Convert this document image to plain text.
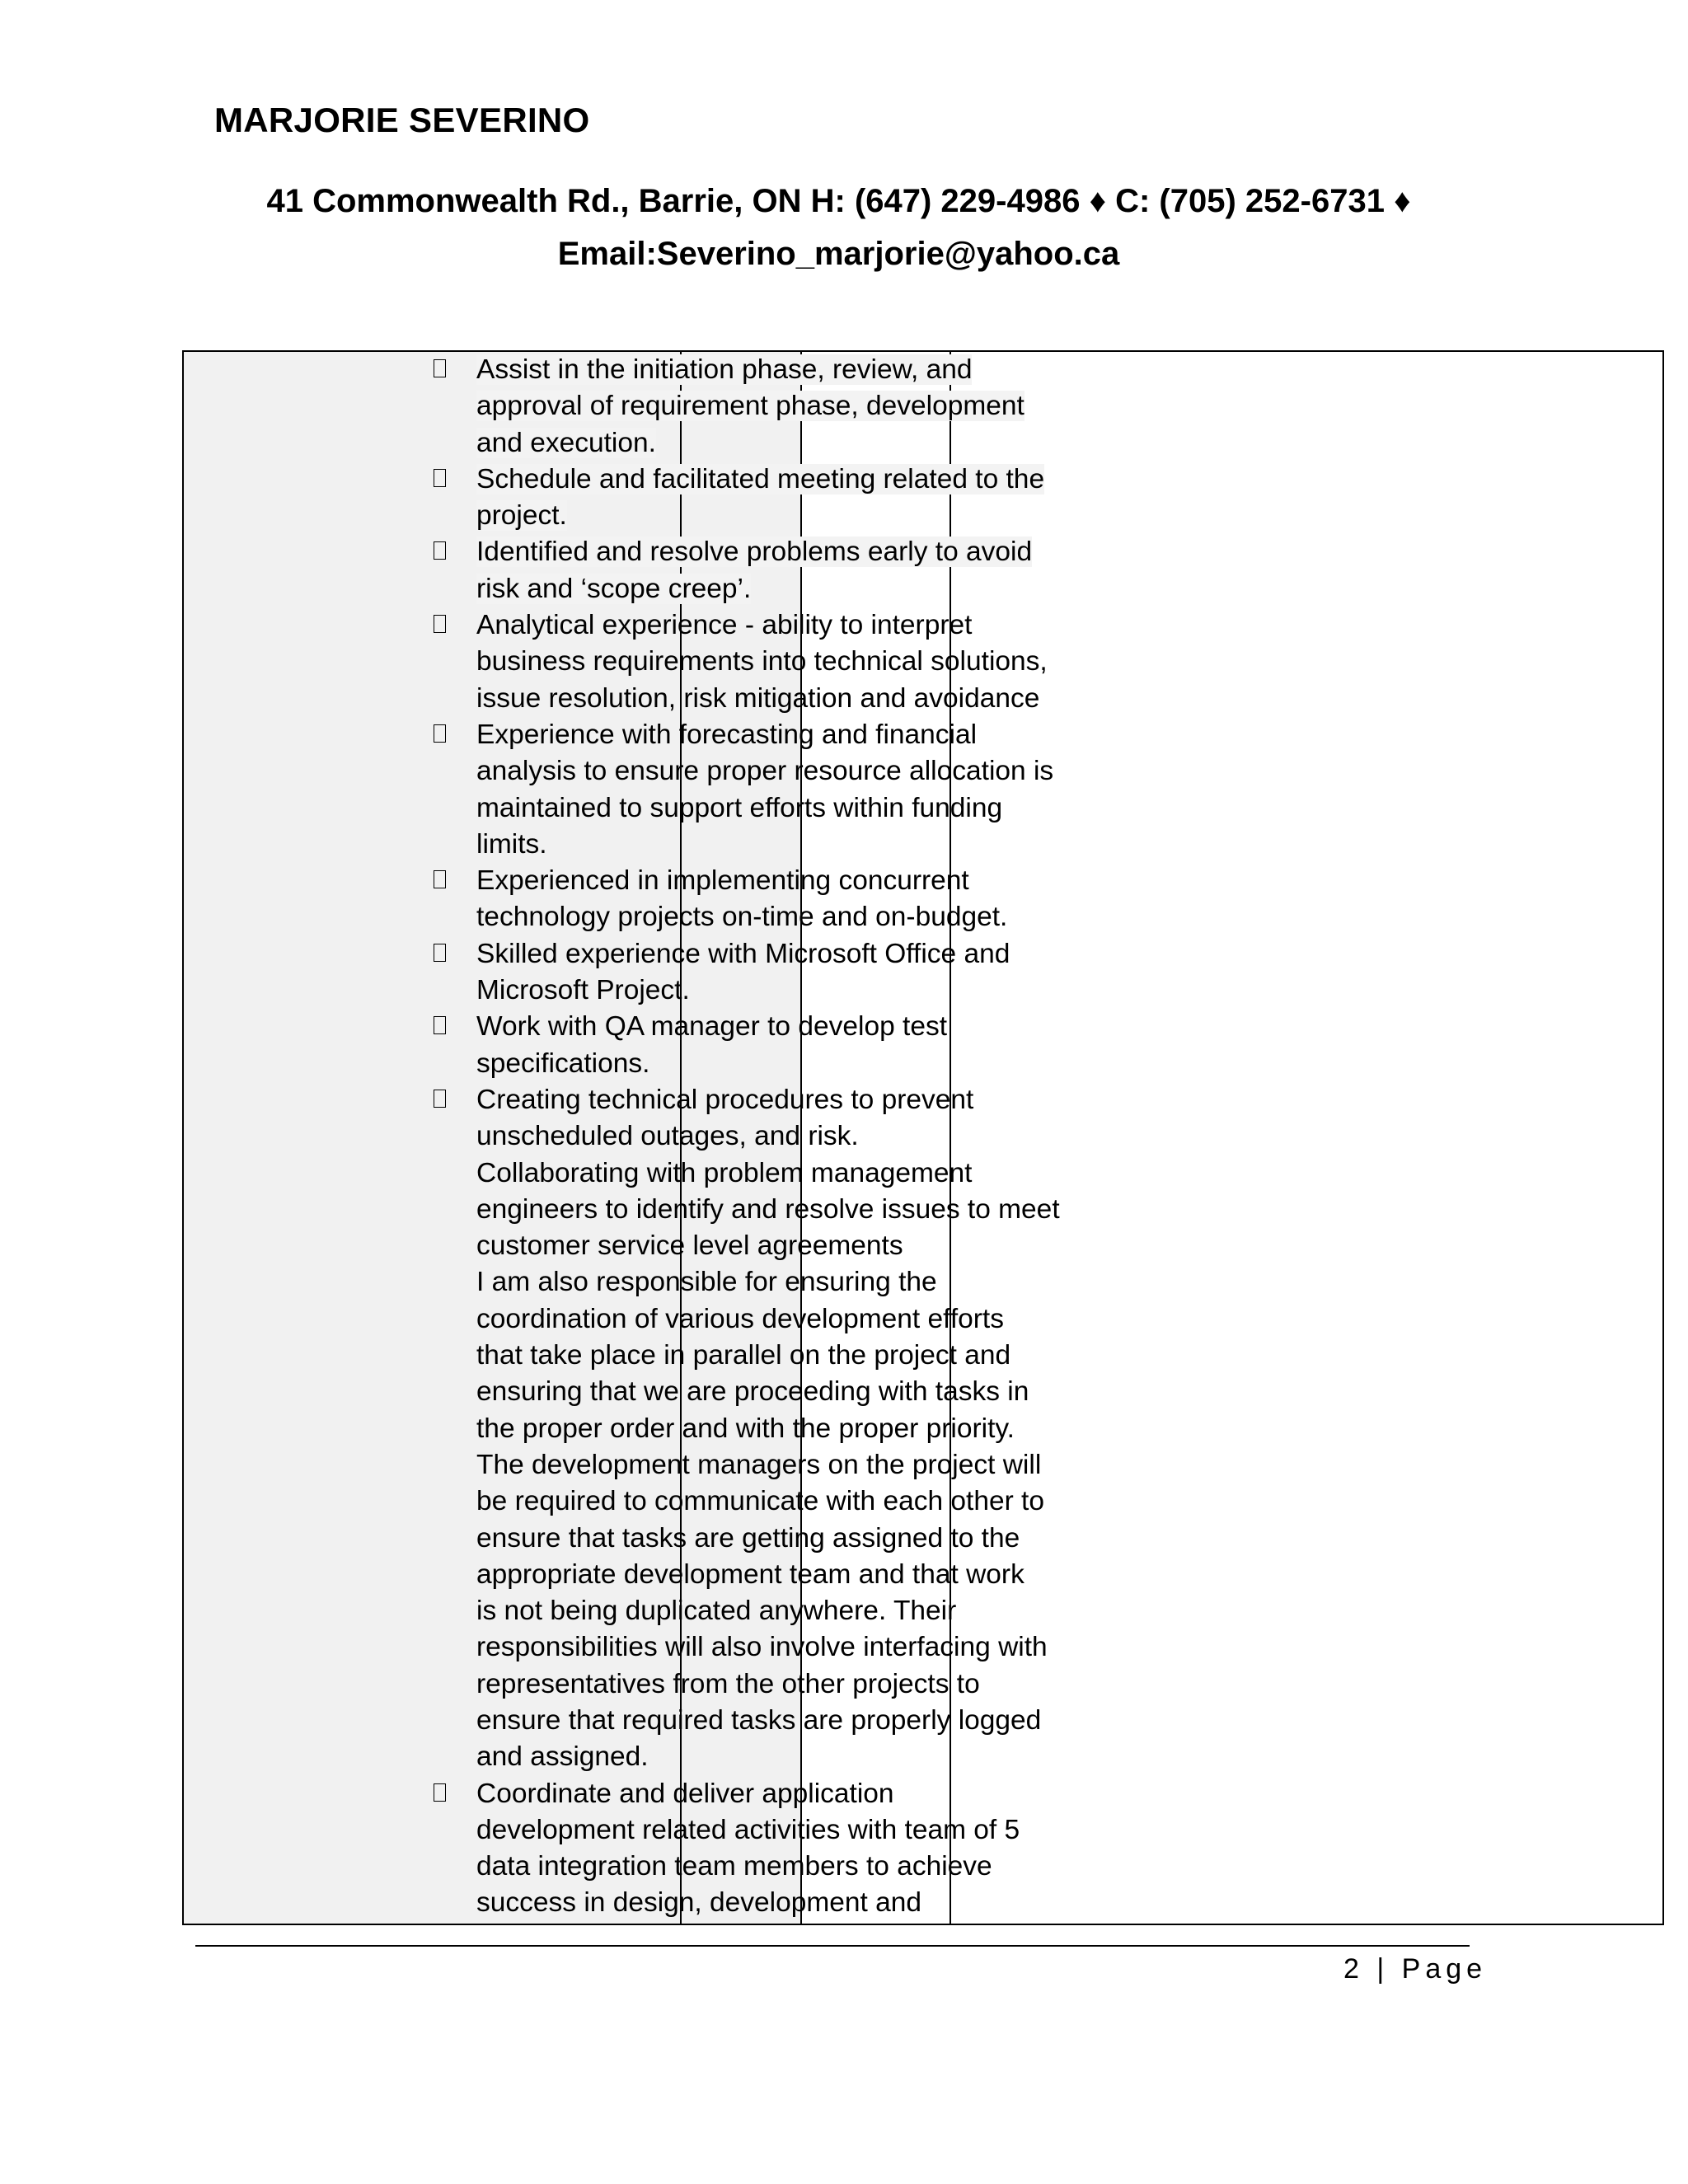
MARJORIE SEVERINO
41 Commonwealth Rd., Barrie, ON H: (647) 229-4986 ♦ C: (705) 252-6731 ♦
Email:Severino_marjorie@yahoo.ca
Assist in the initiation phase, review, and
approval of requirement phase, development
and execution.
Schedule and facilitated meeting related to the
project.
Identified and resolve problems early to avoid
risk and ‘scope creep’.
Analytical experience - ability to interpret
business requirements into technical solutions,
issue resolution, risk mitigation and avoidance
Experience with forecasting and financial
analysis to ensure proper resource allocation is
maintained to support efforts within funding
limits.
Experienced in implementing concurrent
technology projects on-time and on-budget.
Skilled experience with Microsoft Office and
Microsoft Project.
Work with QA manager to develop test
specifications.
Creating technical procedures to prevent
unscheduled outages, and risk.
Collaborating with problem management
engineers to identify and resolve issues to meet
customer service level agreements
I am also responsible for ensuring the
coordination of various development efforts
that take place in parallel on the project and
ensuring that we are proceeding with tasks in
the proper order and with the proper priority.
The development managers on the project will
be required to communicate with each other to
ensure that tasks are getting assigned to the
appropriate development team and that work
is not being duplicated anywhere. Their
responsibilities will also involve interfacing with
representatives from the other projects to
ensure that required tasks are properly logged
and assigned.
Coordinate and deliver application
development related activities with team of 5
data integration team members to achieve
success in design, development and
2 | Page
